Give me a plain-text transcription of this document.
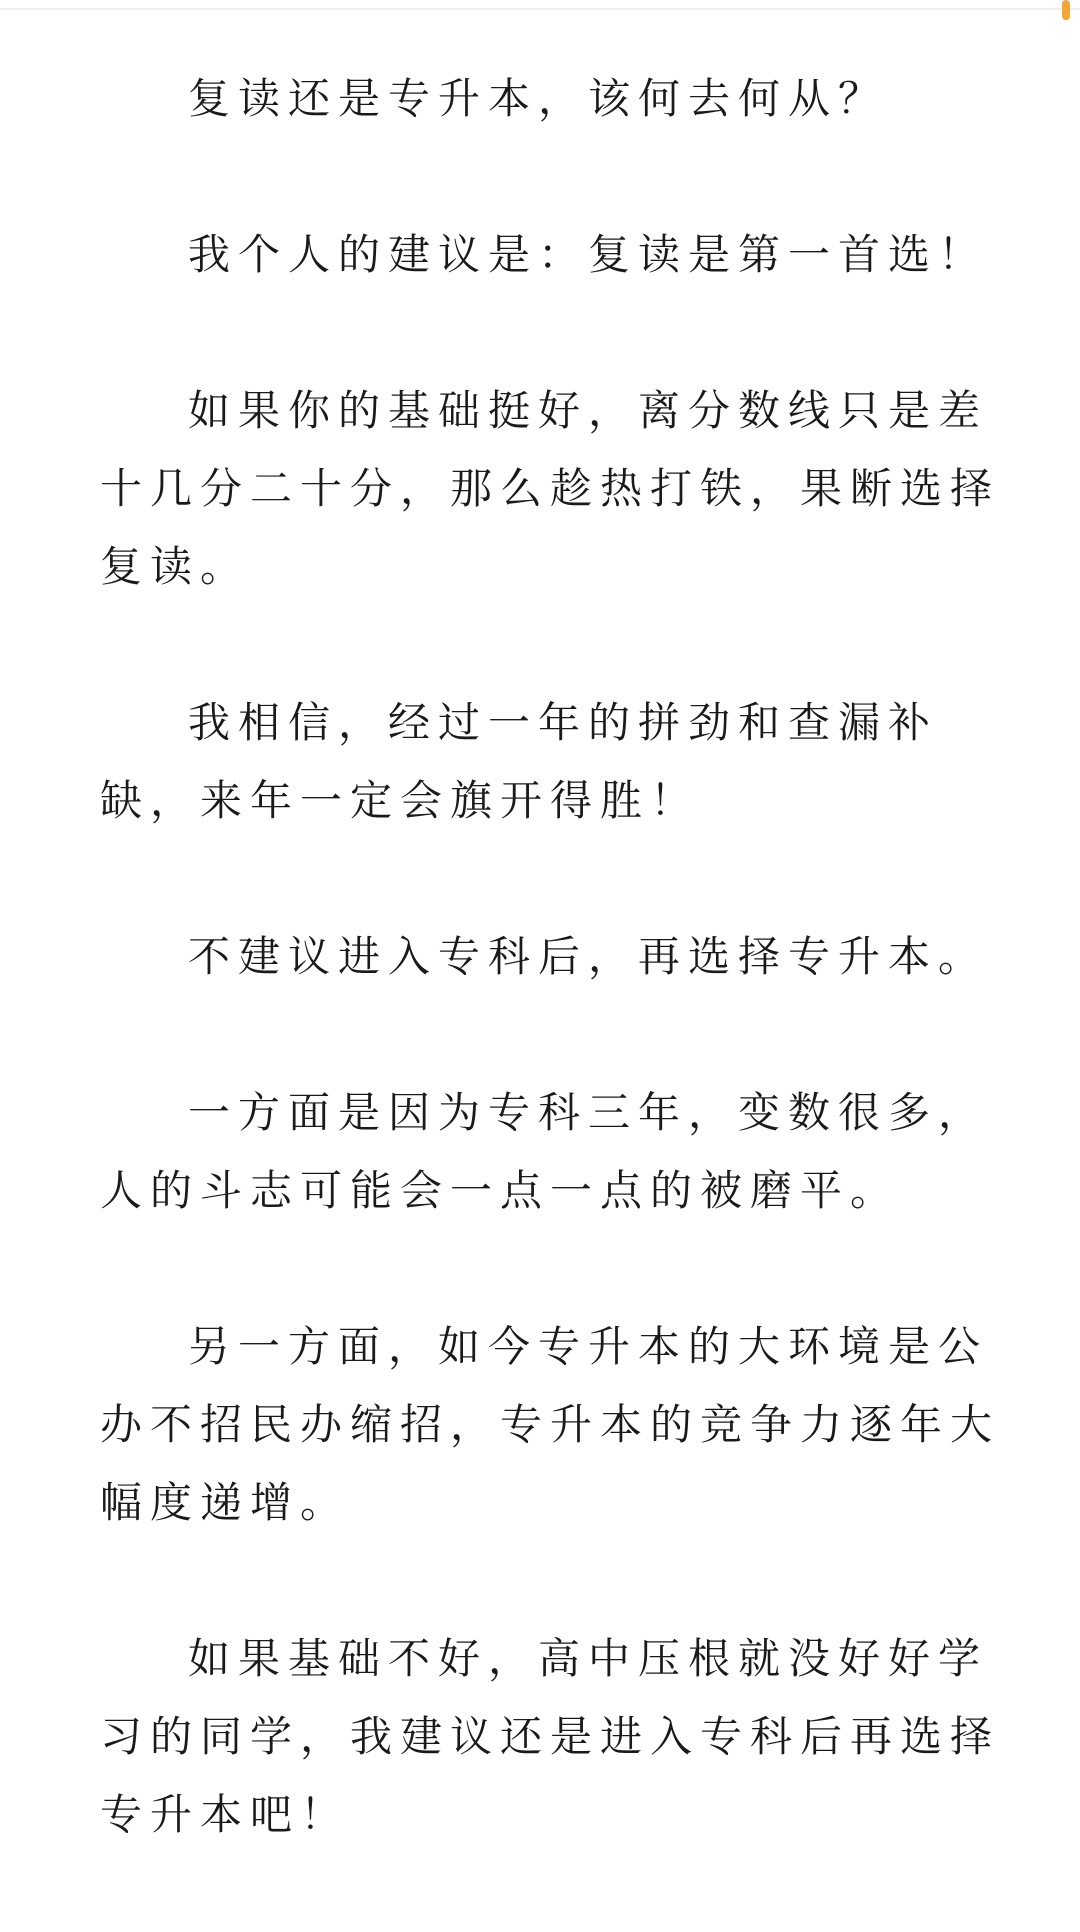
复读还是专升本，该何去何从？

我个人的建议是：复读是第一首选！

如果你的基础挺好，离分数线只是差十几分二十分，那么趁热打铁，果断选择复读。

我相信，经过一年的拼劲和查漏补缺，来年一定会旗开得胜！

不建议进入专科后，再选择专升本。

一方面是因为专科三年，变数很多，人的斗志可能会一点一点的被磨平。

另一方面，如今专升本的大环境是公办不招民办缩招，专升本的竞争力逐年大幅度递增。

如果基础不好，高中压根就没好好学习的同学，我建议还是进入专科后再选择专升本吧！
